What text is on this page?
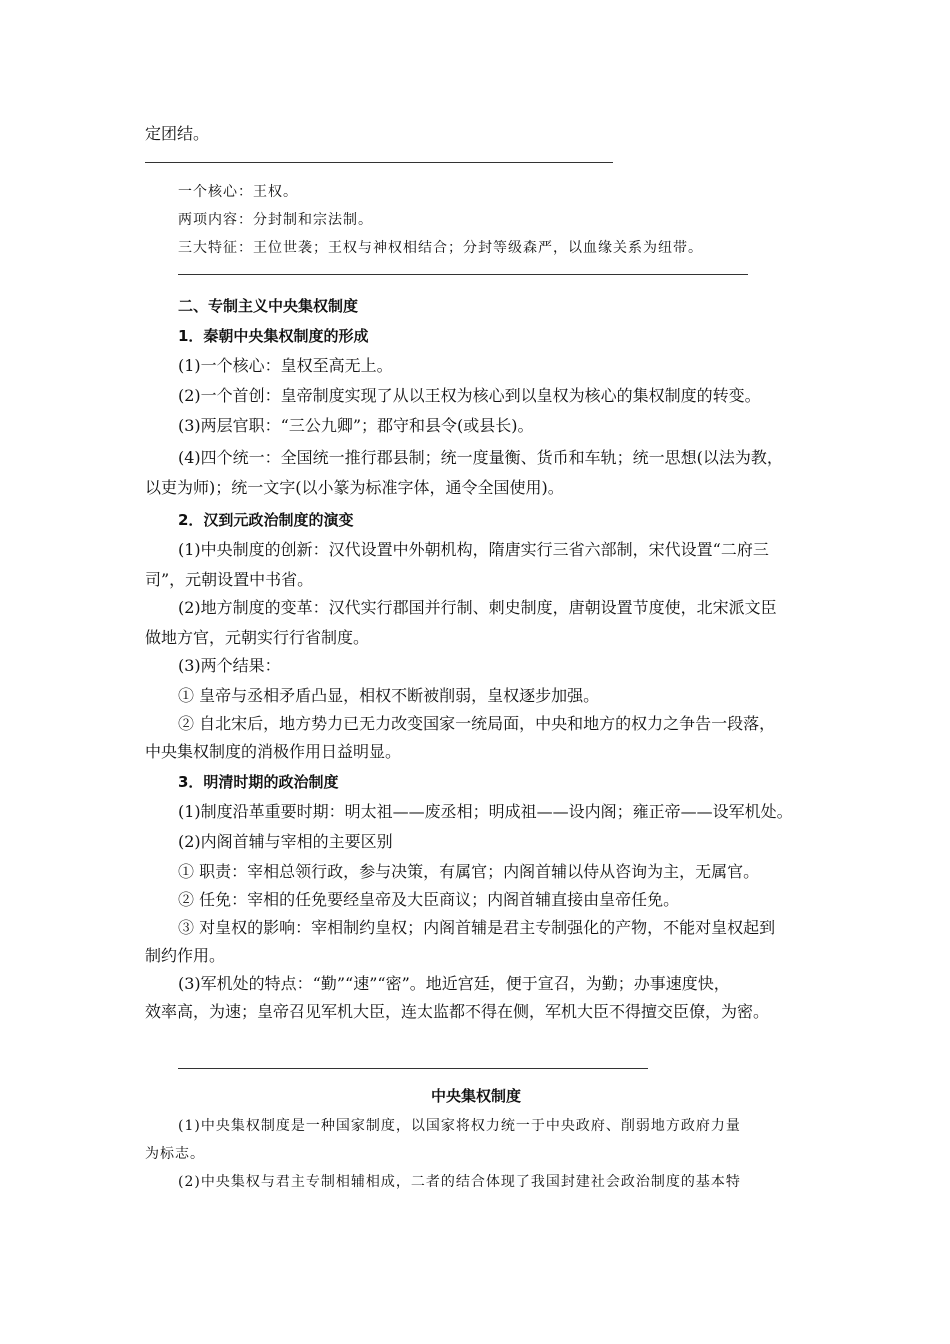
定团结。
一个核心：王权。
两项内容：分封制和宗法制。
三大特征：王位世袭；王权与神权相结合；分封等级森严，以血缘关系为纽带。
二、专制主义中央集权制度
1．秦朝中央集权制度的形成
(1)一个核心：皇权至高无上。
(2)一个首创：皇帝制度实现了从以王权为核心到以皇权为核心的集权制度的转变。
(3)两层官职：“三公九卿”；郡守和县令(或县长)。
(4)四个统一：全国统一推行郡县制；统一度量衡、货币和车轨；统一思想(以法为教，
以吏为师)；统一文字(以小篆为标准字体，通令全国使用)。
2．汉到元政治制度的演变
(1)中央制度的创新：汉代设置中外朝机构，隋唐实行三省六部制，宋代设置“二府三
司”，元朝设置中书省。
(2)地方制度的变革：汉代实行郡国并行制、刺史制度，唐朝设置节度使，北宋派文臣
做地方官，元朝实行行省制度。
(3)两个结果：
① 皇帝与丞相矛盾凸显，相权不断被削弱，皇权逐步加强。
② 自北宋后，地方势力已无力改变国家一统局面，中央和地方的权力之争告一段落，
中央集权制度的消极作用日益明显。
3．明清时期的政治制度
(1)制度沿革重要时期：明太祖——废丞相；明成祖——设内阁；雍正帝——设军机处。
(2)内阁首辅与宰相的主要区别
① 职责：宰相总领行政，参与决策，有属官；内阁首辅以侍从咨询为主，无属官。
② 任免：宰相的任免要经皇帝及大臣商议；内阁首辅直接由皇帝任免。
③ 对皇权的影响：宰相制约皇权；内阁首辅是君主专制强化的产物，不能对皇权起到
制约作用。
(3)军机处的特点：“勤”“速”“密”。地近宫廷，便于宣召，为勤；办事速度快，
效率高，为速；皇帝召见军机大臣，连太监都不得在侧，军机大臣不得擅交臣僚，为密。
中央集权制度
(1)中央集权制度是一种国家制度，以国家将权力统一于中央政府、削弱地方政府力量
为标志。
(2)中央集权与君主专制相辅相成，二者的结合体现了我国封建社会政治制度的基本特
